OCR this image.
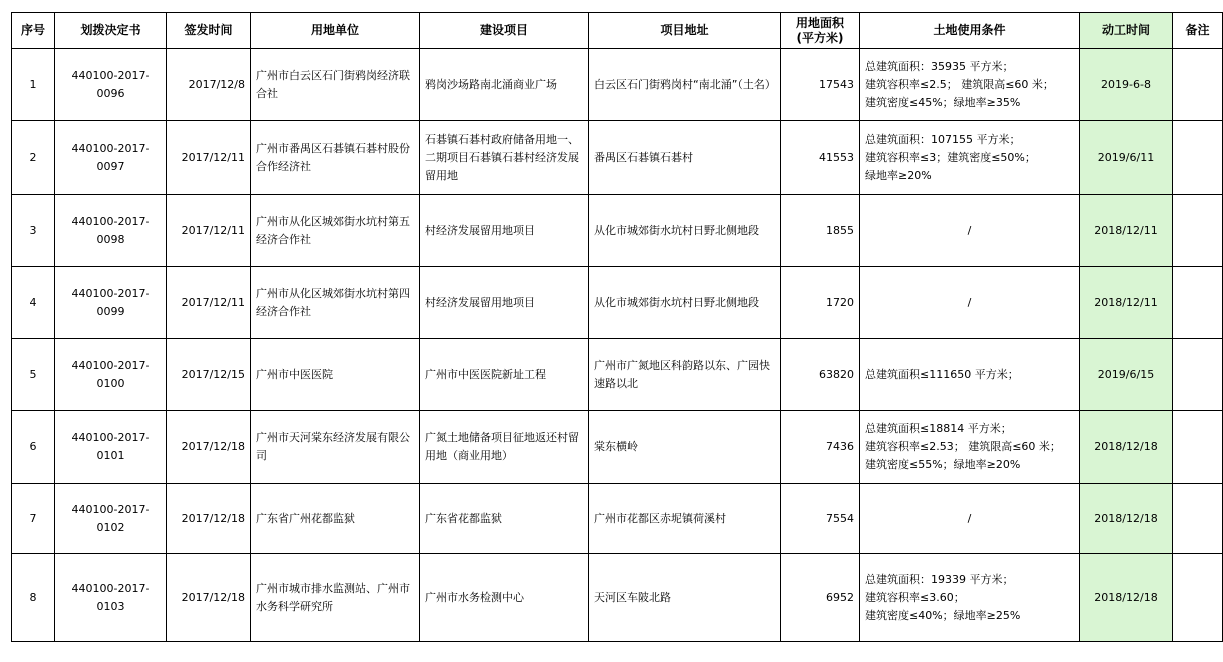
序号	划拨决定书	签发时间	用地单位	建设项目	项目地址	用地面积
(平方米)	土地使用条件	动工时间	备注
1	440100-2017-0096	2017/12/8	广州市白云区石门街鸦岗经济联合社	鸦岗沙场路南北涌商业广场	白云区石门街鸦岗村“南北涌”（土名）	17543	总建筑面积：35935 平方米；
建筑容积率≤2.5； 建筑限高≤60 米；
建筑密度≤45%；绿地率≥35%	2019-6-8	
2	440100-2017-0097	2017/12/11	广州市番禺区石碁镇石碁村股份合作经济社	石碁镇石碁村政府储备用地一、二期项目石碁镇石碁村经济发展留用地	番禺区石碁镇石碁村	41553	总建筑面积：107155 平方米；
建筑容积率≤3；建筑密度≤50%；
绿地率≥20%	2019/6/11	
3	440100-2017-0098	2017/12/11	广州市从化区城郊街水坑村第五经济合作社	村经济发展留用地项目	从化市城郊街水坑村日野北侧地段	1855	/	2018/12/11	
4	440100-2017-0099	2017/12/11	广州市从化区城郊街水坑村第四经济合作社	村经济发展留用地项目	从化市城郊街水坑村日野北侧地段	1720	/	2018/12/11	
5	440100-2017-0100	2017/12/15	广州市中医医院	广州市中医医院新址工程	广州市广氮地区科韵路以东、广园快速路以北	63820	总建筑面积≤111650 平方米；	2019/6/15	
6	440100-2017-0101	2017/12/18	广州市天河棠东经济发展有限公司	广氮土地储备项目征地返还村留用地（商业用地）	棠东横岭	7436	总建筑面积≤18814 平方米；
建筑容积率≤2.53； 建筑限高≤60 米；
建筑密度≤55%；绿地率≥20%	2018/12/18	
7	440100-2017-0102	2017/12/18	广东省广州花都监狱	广东省花都监狱	广州市花都区赤坭镇荷溪村	7554	/	2018/12/18	
8	440100-2017-0103	2017/12/18	广州市城市排水监测站、广州市水务科学研究所	广州市水务检测中心	天河区车陂北路	6952	总建筑面积：19339 平方米；
建筑容积率≤3.60；
建筑密度≤40%；绿地率≥25%	2018/12/18	
